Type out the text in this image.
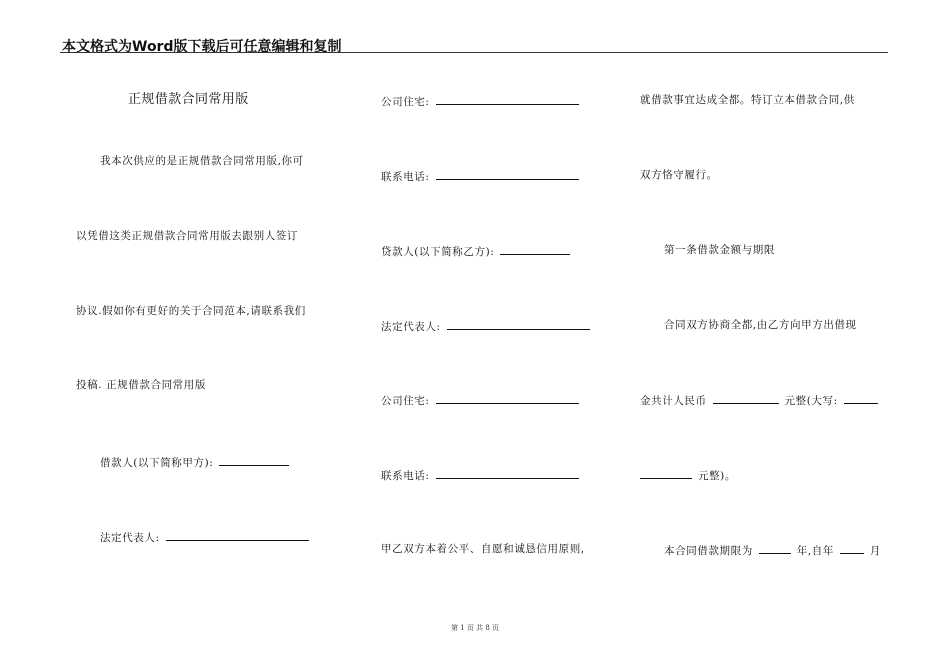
本文格式为Word版下载后可任意编辑和复制
正规借款合同常用版
我本次供应的是正规借款合同常用版,你可
以凭借这类正规借款合同常用版去跟别人签订
协议.假如你有更好的关于合同范本,请联系我们
投稿. 正规借款合同常用版
借款人(以下简称甲方):
法定代表人:
公司住宅:
联系电话:
贷款人(以下简称乙方):
法定代表人:
公司住宅:
联系电话:
甲乙双方本着公平、自愿和诚恳信用原则,
就借款事宜达成全都。特订立本借款合同,供
双方恪守履行。
第一条借款金额与期限
合同双方协商全都,由乙方向甲方出借现
金共计人民币	元整(大写:
元整)。
本合同借款期限为	年,自年	月
第 1 页 共 8 页
